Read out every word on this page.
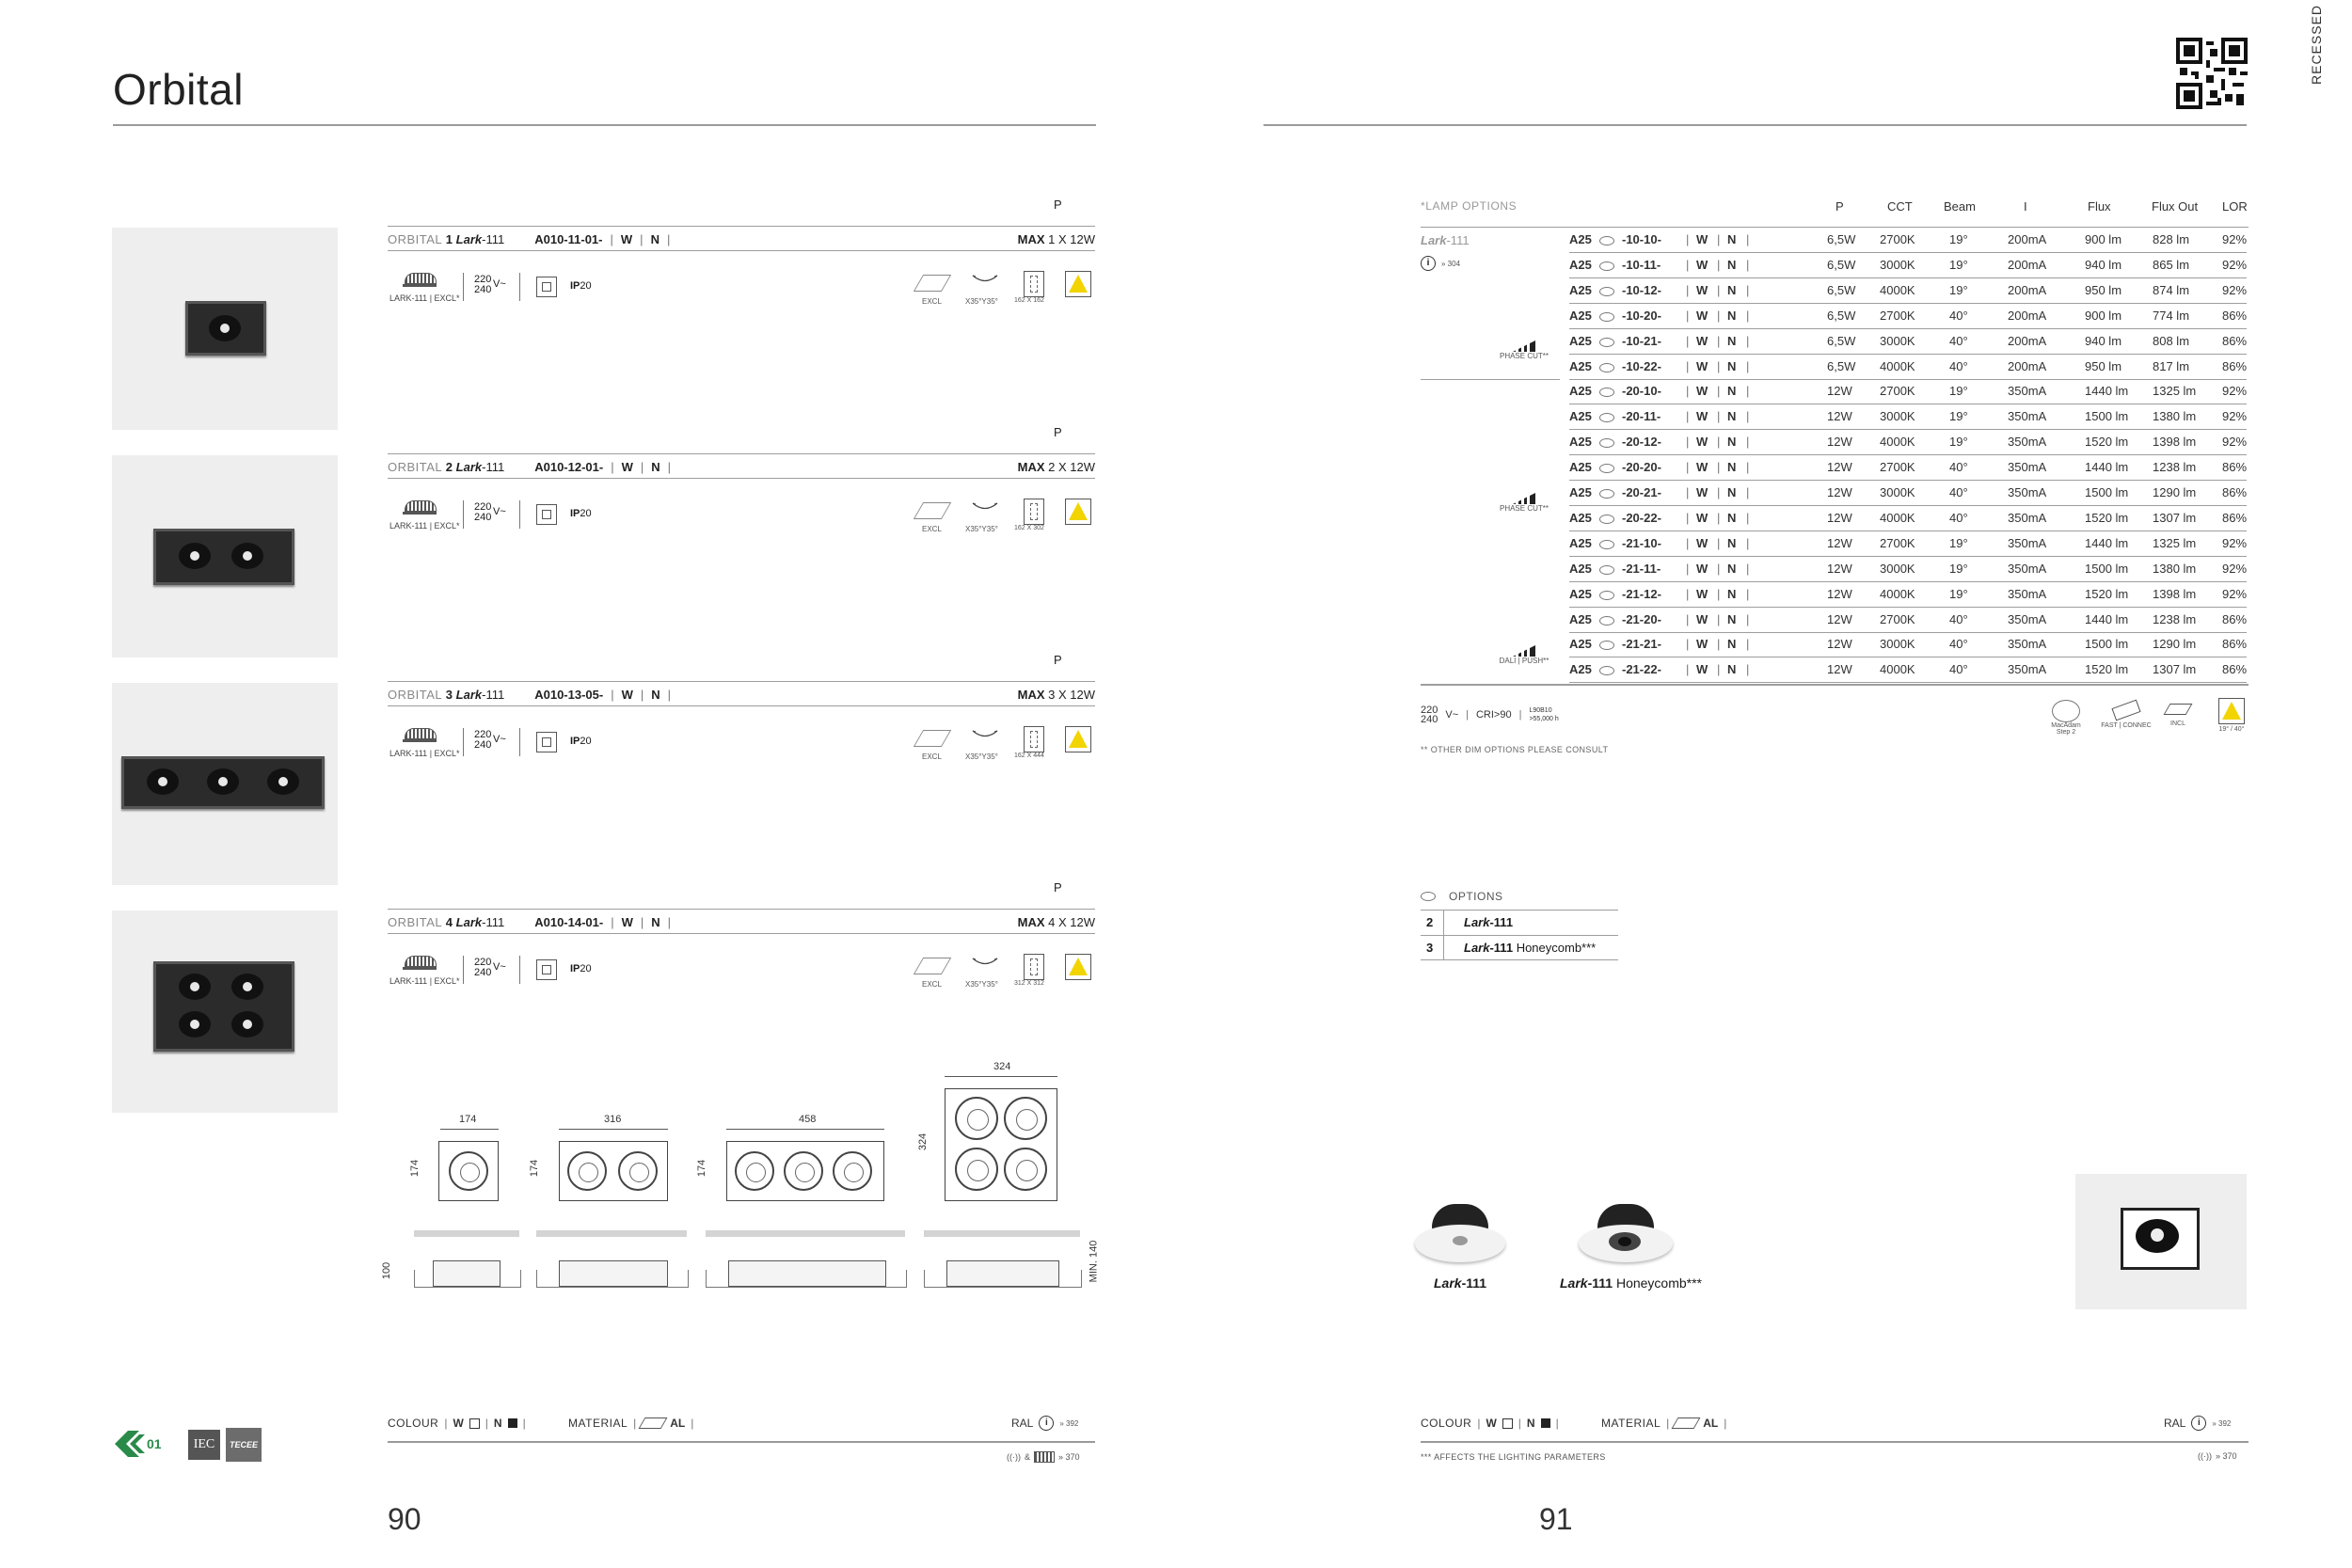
Orbital
P
ORBITAL
1
Lark -111 A010-11-01- | W | N |	MAX 1 X 12W
LARK-111 | EXCL*
220
240 V~	IP20
EXCL	X35°Y35° 162 X 162
P
ORBITAL
2
Lark -111 A010-12-01- | W | N |	MAX 2 X 12W
LARK-111 | EXCL*
220
240 V~	IP20
EXCL	X35°Y35° 162 X 302
P
ORBITAL
3
Lark -111 A010-13-05- | W | N |	MAX 3 X 12W
LARK-111 | EXCL*
220
240 V~	IP20
EXCL	X35°Y35° 162 X 444
P
ORBITAL
4
Lark -111 A010-14-01- | W | N |	MAX 4 X 12W
LARK-111 | EXCL*
220
240 V~	IP20
EXCL	X35°Y35° 312 X 312
174
174
316
174
458
174
324
324
100	MIN. 140
01	IEC	TECEE
COLOUR | W | N |	MATERIAL |	AL |	RAL	i	» 392
((·)) &	» 370
90
RECESSED
*LAMP OPTIONS	P	CCT	Beam	I	Flux	Flux Out LOR
Lark-111
i	» 304
PHASE CUT**
PHASE CUT**
DALI | PUSH**
A25 -10-10- | W | N |	6,5W 2700K	19°	200mA	900 lm	828 lm	92%
A25 -10-11- | W | N |	6,5W 3000K	19°	200mA	940 lm	865 lm	92%
A25 -10-12- | W | N |	6,5W 4000K	19°	200mA	950 lm	874 lm	92%
A25 -10-20- | W | N |	6,5W 2700K	40°	200mA	900 lm	774 lm	86%
A25 -10-21- | W | N |	6,5W 3000K	40°	200mA	940 lm	808 lm	86%
A25 -10-22- | W | N |	6,5W 4000K	40°	200mA	950 lm	817 lm	86%
A25 -20-10- | W | N |	12W 2700K	19°	350mA	1440 lm 1325 lm 92%
A25 -20-11- | W | N |	12W 3000K	19°	350mA	1500 lm 1380 lm 92%
A25 -20-12- | W | N |	12W 4000K	19°	350mA	1520 lm 1398 lm 92%
A25 -20-20- | W | N |	12W 2700K	40°	350mA	1440 lm 1238 lm 86%
A25 -20-21- | W | N |	12W 3000K	40°	350mA	1500 lm 1290 lm 86%
A25 -20-22- | W | N |	12W 4000K	40°	350mA	1520 lm 1307 lm 86%
A25 -21-10- | W | N |	12W 2700K	19°	350mA	1440 lm 1325 lm 92%
A25 -21-11- | W | N |	12W 3000K	19°	350mA	1500 lm 1380 lm 92%
A25 -21-12- | W | N |	12W 4000K	19°	350mA	1520 lm 1398 lm 92%
A25 -21-20- | W | N |	12W 2700K	40°	350mA	1440 lm 1238 lm 86%
A25 -21-21- | W | N |	12W 3000K	40°	350mA	1500 lm 1290 lm 86%
A25 -21-22- | W | N |	12W 4000K	40°	350mA	1520 lm 1307 lm 86%
220
240 V~ | CRI>90 | L90B10
>55,000 h
** OTHER DIM OPTIONS PLEASE CONSULT
MacAdam
Step 2
FAST | CONNEC	INCL
19° / 40°
OPTIONS
2	Lark-111
3	Lark-111 Honeycomb***
Lark-111	Lark-111 Honeycomb***
COLOUR | W | N |	MATERIAL |	AL |	RAL	i	» 392
*** AFFECTS THE LIGHTING PARAMETERS	((·)) » 370
91
